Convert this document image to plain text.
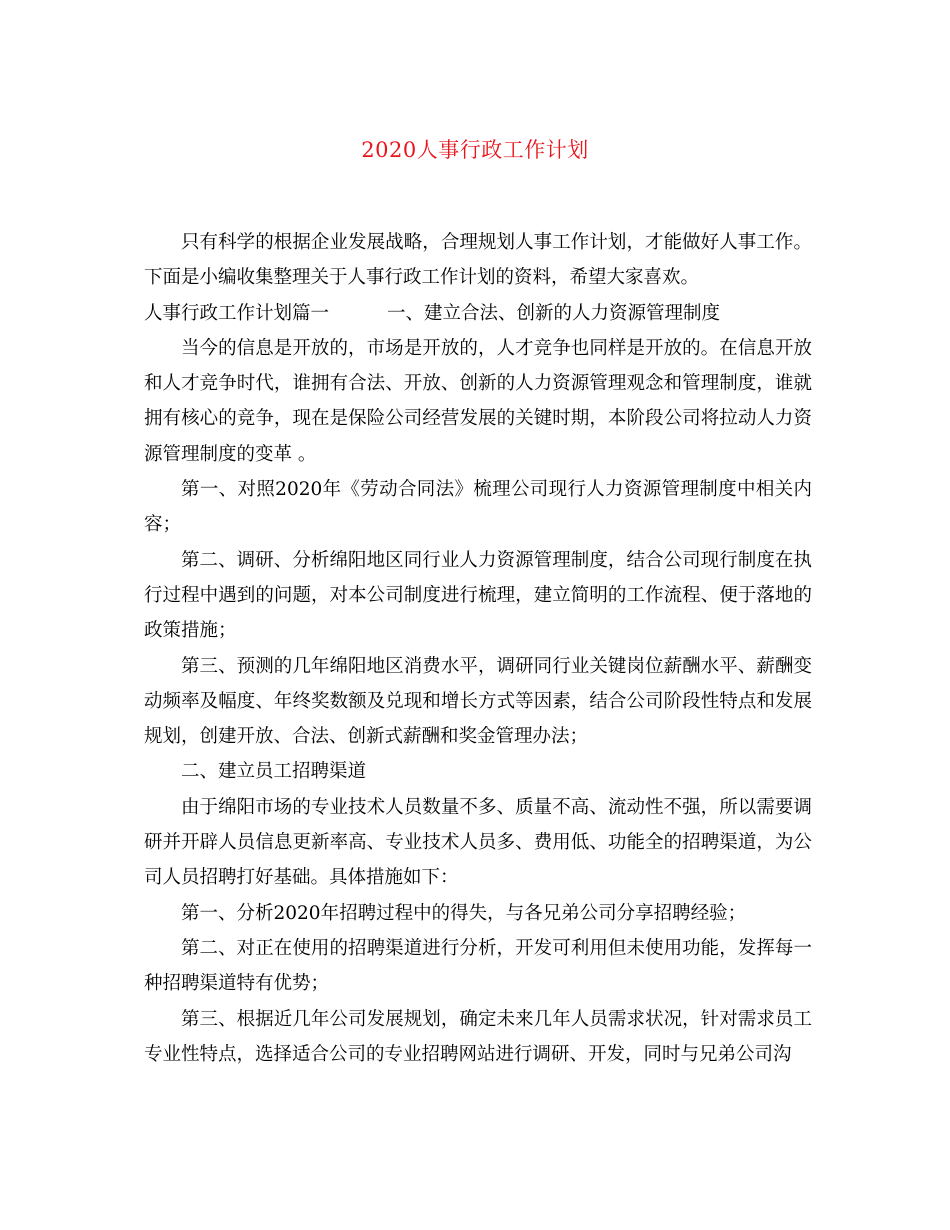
2020人事行政工作计划

只有科学的根据企业发展战略，合理规划人事工作计划，才能做好人事工作。下面是小编收集整理关于人事行政工作计划的资料，希望大家喜欢。

人事行政工作计划篇一	一、建立合法、创新的人力资源管理制度

当今的信息是开放的，市场是开放的，人才竞争也同样是开放的。在信息开放和人才竞争时代，谁拥有合法、开放、创新的人力资源管理观念和管理制度，谁就拥有核心的竞争，现在是保险公司经营发展的关键时期，本阶段公司将拉动人力资源管理制度的变革 。

第一、对照2020年《劳动合同法》梳理公司现行人力资源管理制度中相关内容；

第二、调研、分析绵阳地区同行业人力资源管理制度，结合公司现行制度在执行过程中遇到的问题，对本公司制度进行梳理，建立简明的工作流程、便于落地的政策措施；

第三、预测的几年绵阳地区消费水平，调研同行业关键岗位薪酬水平、薪酬变动频率及幅度、年终奖数额及兑现和增长方式等因素，结合公司阶段性特点和发展规划，创建开放、合法、创新式薪酬和奖金管理办法；

二、建立员工招聘渠道

由于绵阳市场的专业技术人员数量不多、质量不高、流动性不强，所以需要调研并开辟人员信息更新率高、专业技术人员多、费用低、功能全的招聘渠道，为公司人员招聘打好基础。具体措施如下：

第一、分析2020年招聘过程中的得失，与各兄弟公司分享招聘经验；

第二、对正在使用的招聘渠道进行分析，开发可利用但未使用功能，发挥每一种招聘渠道特有优势；

第三、根据近几年公司发展规划，确定未来几年人员需求状况，针对需求员工专业性特点，选择适合公司的专业招聘网站进行调研、开发，同时与兄弟公司沟
